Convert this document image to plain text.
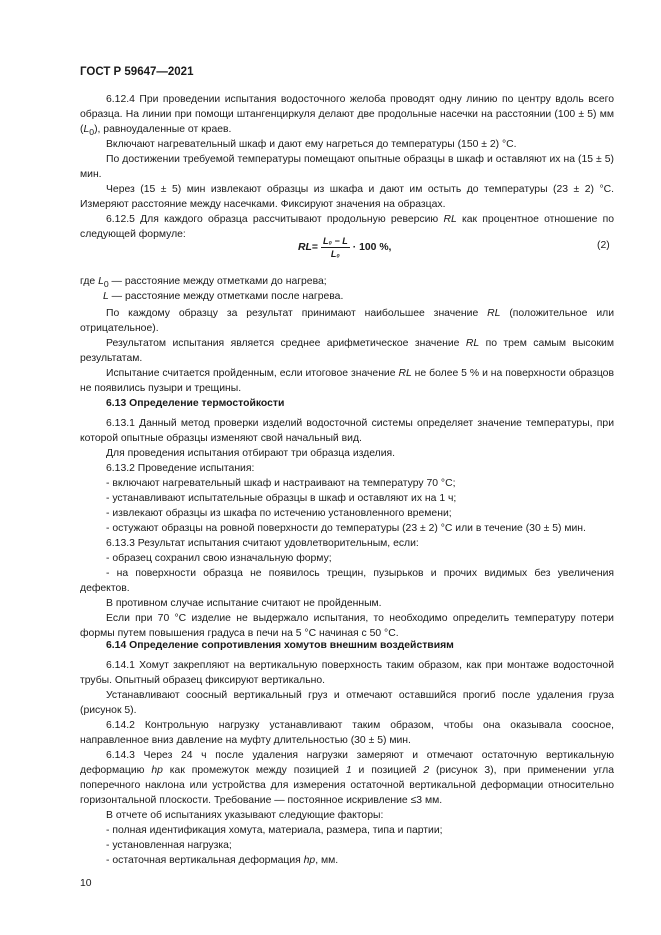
ГОСТ Р 59647—2021

6.12.4 При проведении испытания водосточного желоба проводят одну линию по центру вдоль всего образца. На линии при помощи штангенциркуля делают две продольные насечки на расстоянии (100 ± 5) мм $(L_0)$, равноудаленные от краев.

Включают нагревательный шкаф и дают ему нагреться до температуры (150 ± 2) °С.

По достижении требуемой температуры помещают опытные образцы в шкаф и оставляют их на (15 ± 5) мин.

Через (15 ± 5) мин извлекают образцы из шкафа и дают им остыть до температуры (23 ± 2) °С. Измеряют расстояние между насечками. Фиксируют значения на образцах.

6.12.5 Для каждого образца рассчитывают продольную реверсию RL как процентное отношение по следующей формуле:

RL = $\frac{\text{L₀ − L}}{\text{L₀}} \cdot 100$ %,	(2)
где $L_0$ — расстояние между отметками до нагрева;
L — расстояние между отметками после нагрева.

По каждому образцу за результат принимают наибольшее значение RL (положительное или отрицательное).

Результатом испытания является среднее арифметическое значение RL по трем самым высоким результатам.

Испытание считается пройденным, если итоговое значение RL не более 5 % и на поверхности образцов не появились пузыри и трещины.

6.13 Определение термостойкости

6.13.1 Данный метод проверки изделий водосточной системы определяет значение температуры, при которой опытные образцы изменяют свой начальный вид.

Для проведения испытания отбирают три образца изделия.

6.13.2 Проведение испытания:

- включают нагревательный шкаф и настраивают на температуру 70 °С;

- устанавливают испытательные образцы в шкаф и оставляют их на 1 ч;

- извлекают образцы из шкафа по истечению установленного времени;

- остужают образцы на ровной поверхности до температуры (23 ± 2) °С или в течение (30 ± 5) мин.

6.13.3 Результат испытания считают удовлетворительным, если:

- образец сохранил свою изначальную форму;

- на поверхности образца не появилось трещин, пузырьков и прочих видимых без увеличения дефектов.

В противном случае испытание считают не пройденным.

Если при 70 °С изделие не выдержало испытания, то необходимо определить температуру потери формы путем повышения градуса в печи на 5 °С начиная с 50 °С.

6.14 Определение сопротивления хомутов внешним воздействиям

6.14.1 Хомут закрепляют на вертикальную поверхность таким образом, как при монтаже водосточной трубы. Опытный образец фиксируют вертикально.

Устанавливают соосный вертикальный груз и отмечают оставшийся прогиб после удаления груза (рисунок 5).

6.14.2 Контрольную нагрузку устанавливают таким образом, чтобы она оказывала соосное, направленное вниз давление на муфту длительностью (30 ± 5) мин.

6.14.3 Через 24 ч после удаления нагрузки замеряют и отмечают остаточную вертикальную деформацию hp как промежуток между позицией 1 и позицией 2 (рисунок 3), при применении угла поперечного наклона или устройства для измерения остаточной вертикальной деформации относительно горизонтальной плоскости. Требование — постоянное искривление ≤3 мм.

В отчете об испытаниях указывают следующие факторы:

- полная идентификация хомута, материала, размера, типа и партии;

- установленная нагрузка;

- остаточная вертикальная деформация hp, мм.

10
